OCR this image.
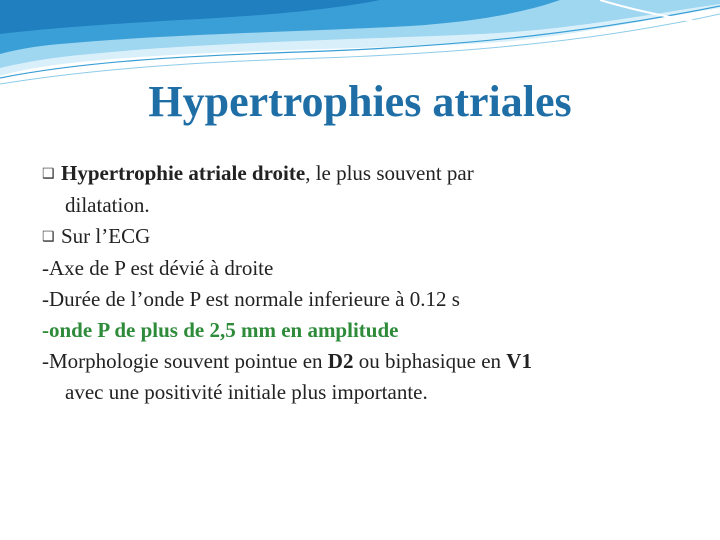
Hypertrophies atriales
❑ Hypertrophie atriale droite, le plus souvent par
dilatation.
❑ Sur l’ECG
-Axe de P est dévié à droite
-Durée de l’onde P est normale inferieure à 0.12 s
-onde P de plus de 2,5 mm en amplitude
-Morphologie souvent pointue en D2 ou biphasique en V1
avec une positivité initiale plus importante.
